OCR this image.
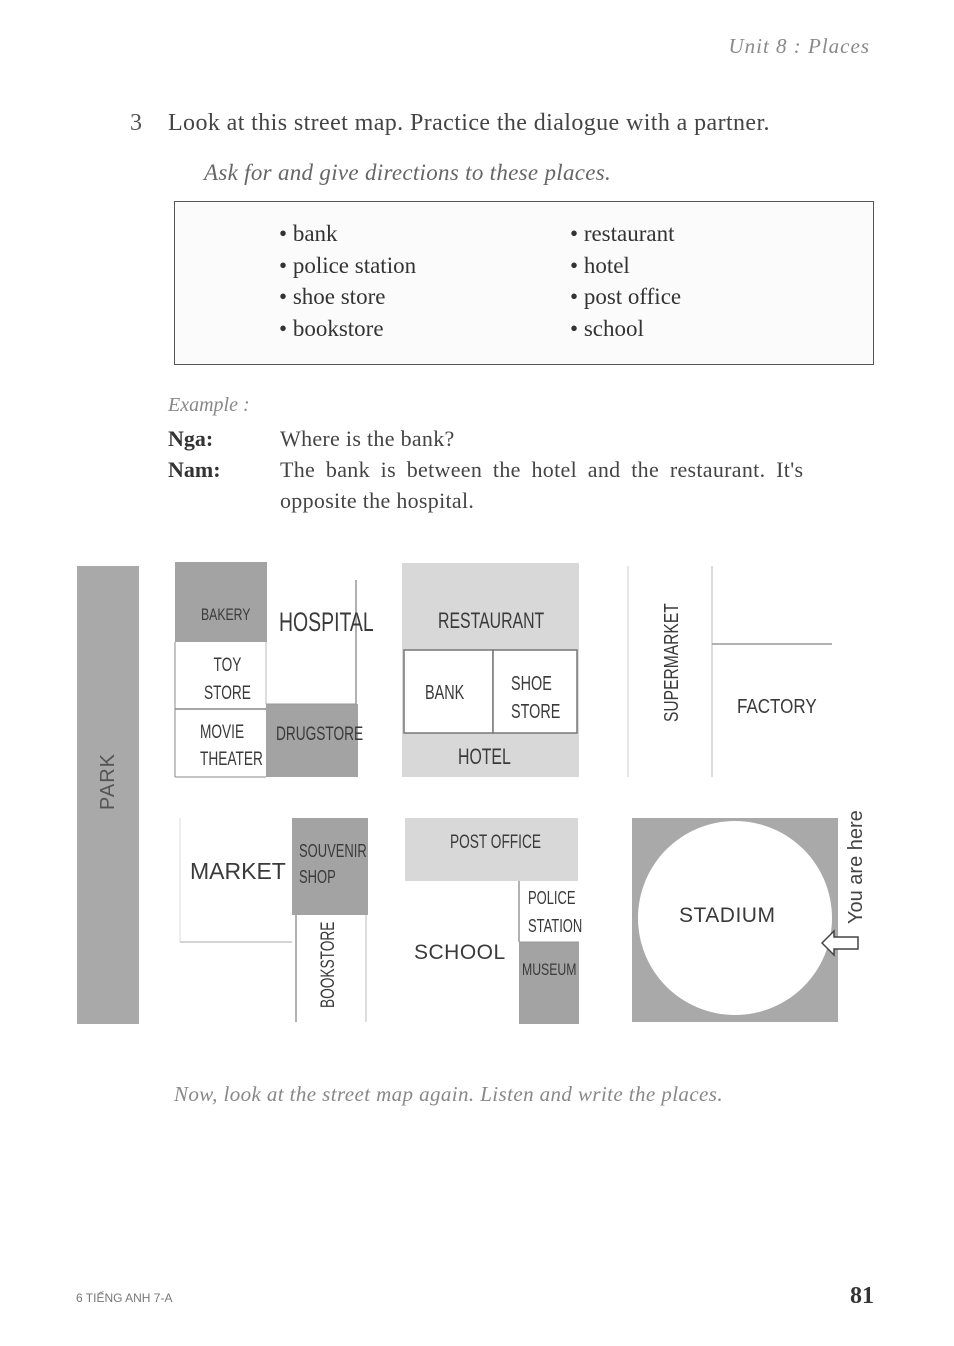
Unit 8 : Places
3 Look at this street map. Practice the dialogue with a partner.
Ask for and give directions to these places.
• bank
• police station
• shoe store
• bookstore
• restaurant
• hotel
• post office
• school
Example :
Nga:	Where is the bank?
Nam:	The bank is between the hotel and the restaurant. It's
opposite the hospital.
PARK
BAKERY HOSPITAL
TOY
STORE
MOVIE
THEATER
DRUGSTORE
RESTAURANT
BANK SHOE
STORE
HOTEL
SUPERMARKET	FACTORY
MARKET
SOUVENIR
SHOP
BOOKSTORE
POST OFFICE
POLICE
STATION
SCHOOL
MUSEUM
STADIUM	You are here
Now, look at the street map again. Listen and write the places.
6 TIẾNG ANH 7-A	81
